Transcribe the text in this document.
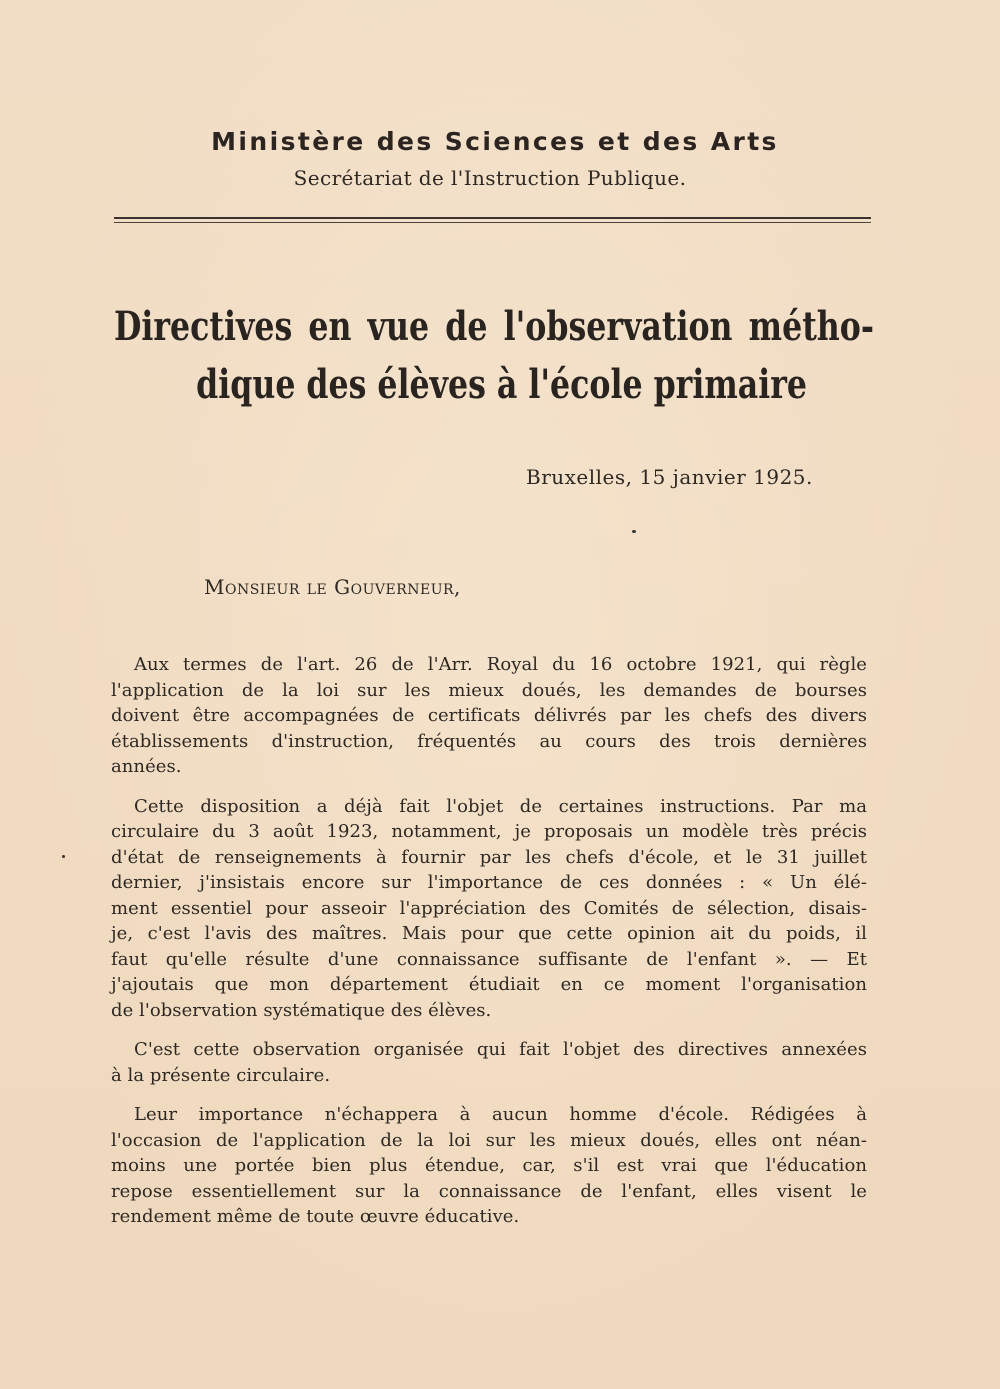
Ministère des Sciences et des Arts
Secrétariat de l'Instruction Publique.
Directives en vue de l'observation métho-
dique des élèves à l'école primaire
Bruxelles, 15 janvier 1925.
Monsieur le Gouverneur,
Aux termes de l'art. 26 de l'Arr. Royal du 16 octobre 1921, qui règle
l'application de la loi sur les mieux doués, les demandes de bourses
doivent être accompagnées de certificats délivrés par les chefs des divers
établissements d'instruction, fréquentés au cours des trois dernières
années.
Cette disposition a déjà fait l'objet de certaines instructions. Par ma
circulaire du 3 août 1923, notamment, je proposais un modèle très précis
d'état de renseignements à fournir par les chefs d'école, et le 31 juillet
dernier, j'insistais encore sur l'importance de ces données : « Un élé-
ment essentiel pour asseoir l'appréciation des Comités de sélection, disais-
je, c'est l'avis des maîtres. Mais pour que cette opinion ait du poids, il
faut qu'elle résulte d'une connaissance suffisante de l'enfant ». — Et
j'ajoutais que mon département étudiait en ce moment l'organisation
de l'observation systématique des élèves.
C'est cette observation organisée qui fait l'objet des directives annexées
à la présente circulaire.
Leur importance n'échappera à aucun homme d'école. Rédigées à
l'occasion de l'application de la loi sur les mieux doués, elles ont néan-
moins une portée bien plus étendue, car, s'il est vrai que l'éducation
repose essentiellement sur la connaissance de l'enfant, elles visent le
rendement même de toute œuvre éducative.
